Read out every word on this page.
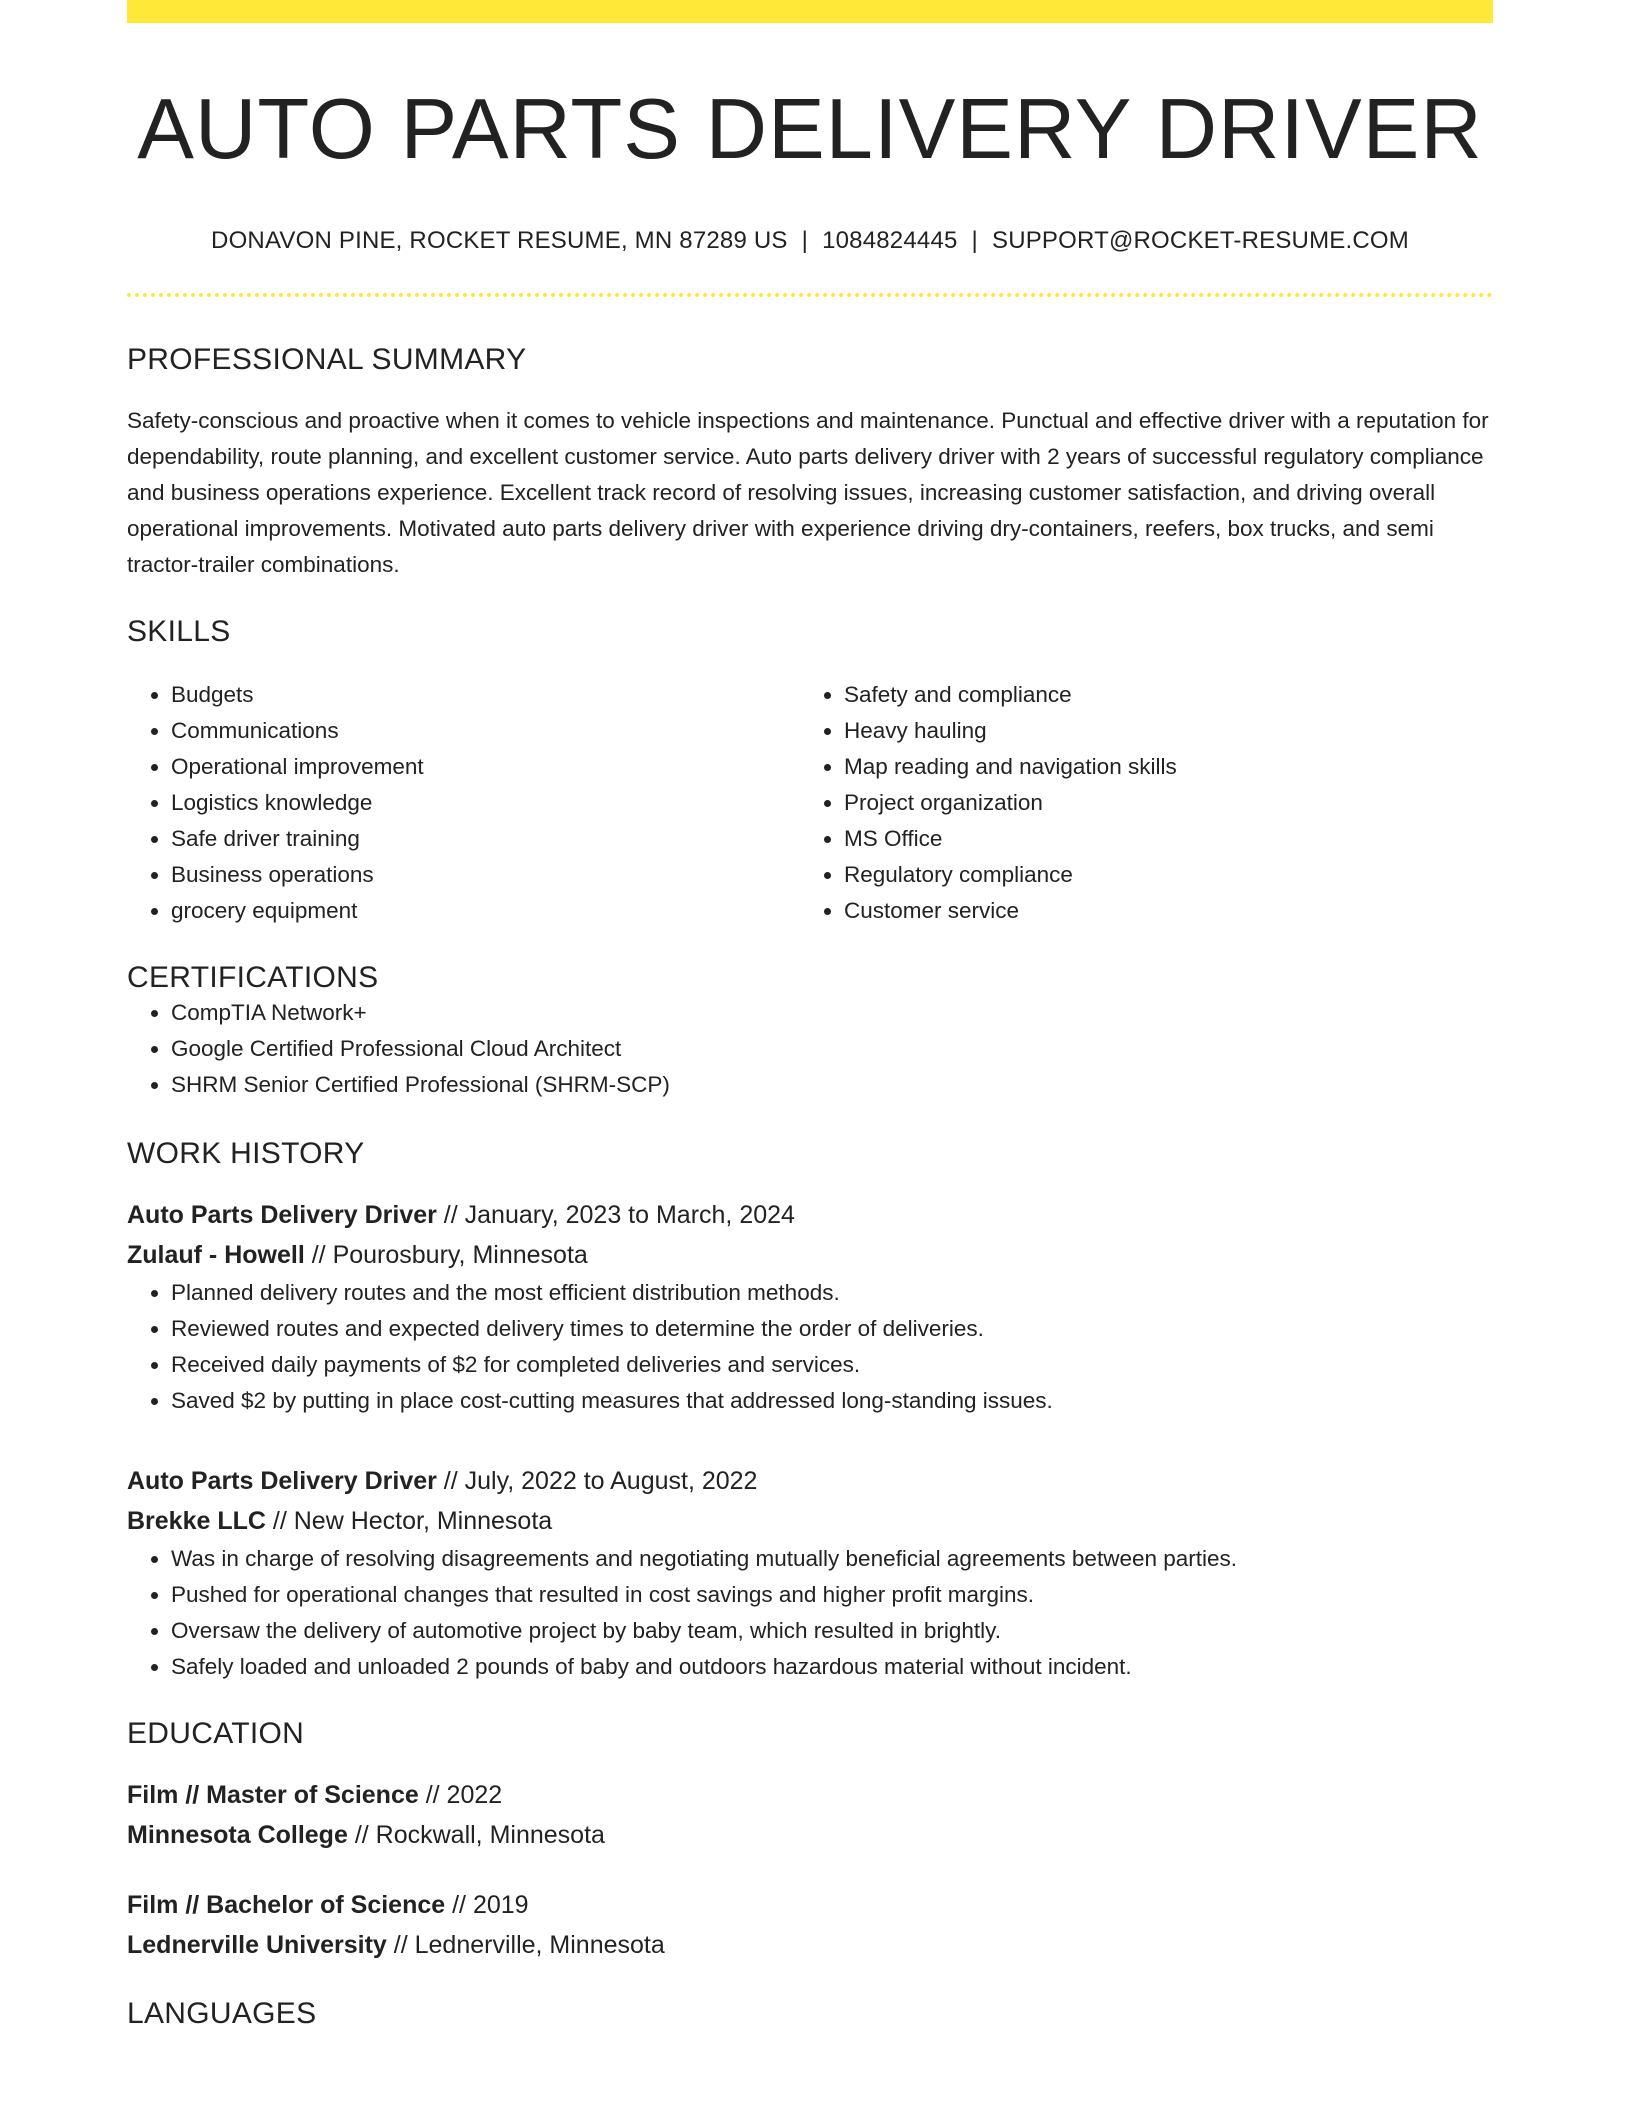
AUTO PARTS DELIVERY DRIVER
DONAVON PINE, ROCKET RESUME, MN 87289 US | 1084824445 | SUPPORT@ROCKET-RESUME.COM
PROFESSIONAL SUMMARY
Safety-conscious and proactive when it comes to vehicle inspections and maintenance. Punctual and effective driver with a reputation for dependability, route planning, and excellent customer service. Auto parts delivery driver with 2 years of successful regulatory compliance and business operations experience. Excellent track record of resolving issues, increasing customer satisfaction, and driving overall operational improvements. Motivated auto parts delivery driver with experience driving dry-containers, reefers, box trucks, and semi tractor-trailer combinations.
SKILLS
• Budgets
• Communications
• Operational improvement
• Logistics knowledge
• Safe driver training
• Business operations
• grocery equipment
• Safety and compliance
• Heavy hauling
• Map reading and navigation skills
• Project organization
• MS Office
• Regulatory compliance
• Customer service
CERTIFICATIONS
• CompTIA Network+
• Google Certified Professional Cloud Architect
• SHRM Senior Certified Professional (SHRM-SCP)
WORK HISTORY
Auto Parts Delivery Driver // January, 2023 to March, 2024
Zulauf - Howell // Pourosbury, Minnesota
• Planned delivery routes and the most efficient distribution methods.
• Reviewed routes and expected delivery times to determine the order of deliveries.
• Received daily payments of $2 for completed deliveries and services.
• Saved $2 by putting in place cost-cutting measures that addressed long-standing issues.
Auto Parts Delivery Driver // July, 2022 to August, 2022
Brekke LLC // New Hector, Minnesota
• Was in charge of resolving disagreements and negotiating mutually beneficial agreements between parties.
• Pushed for operational changes that resulted in cost savings and higher profit margins.
• Oversaw the delivery of automotive project by baby team, which resulted in brightly.
• Safely loaded and unloaded 2 pounds of baby and outdoors hazardous material without incident.
EDUCATION
Film // Master of Science // 2022
Minnesota College // Rockwall, Minnesota
Film // Bachelor of Science // 2019
Lednerville University // Lednerville, Minnesota
LANGUAGES
